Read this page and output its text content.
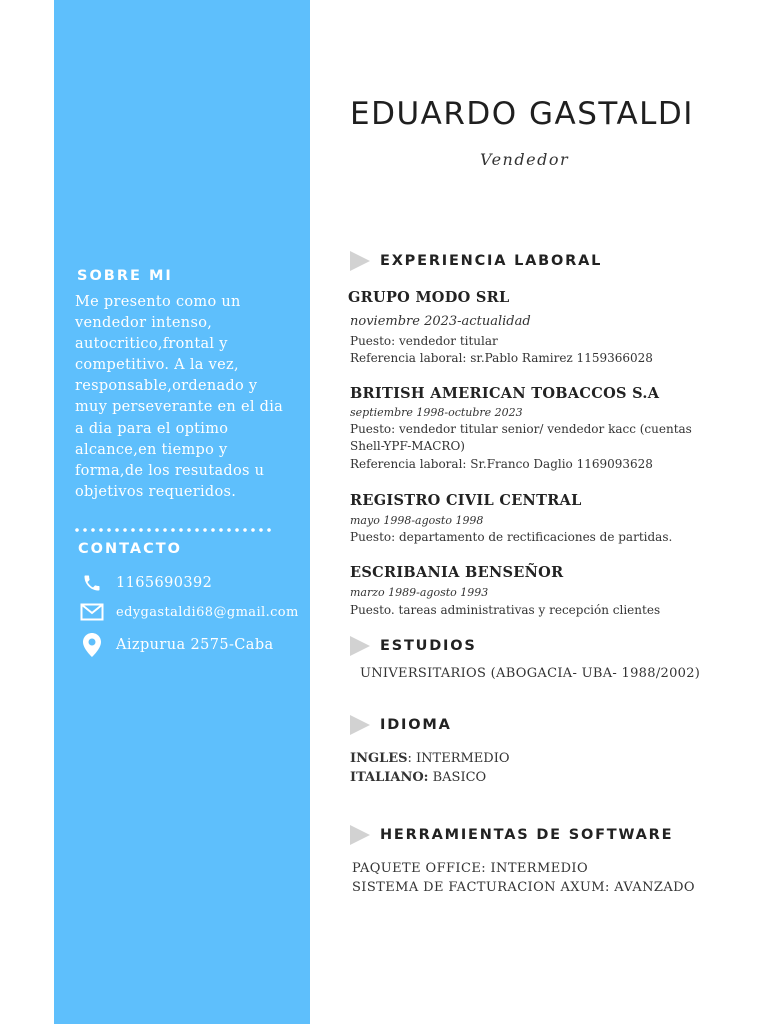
SOBRE MI
Me presento como un
vendedor intenso,
autocritico,frontal y
competitivo. A la vez,
responsable,ordenado y
muy perseverante en el dia
a dia para el optimo
alcance,en tiempo y
forma,de los resutados u
objetivos requeridos.
CONTACTO
1165690392
edygastaldi68@gmail.com
Aizpurua 2575-Caba
EDUARDO GASTALDI
Vendedor
EXPERIENCIA LABORAL
GRUPO MODO SRL
noviembre 2023-actualidad
Puesto: vendedor titular
Referencia laboral: sr.Pablo Ramirez 1159366028
BRITISH AMERICAN TOBACCOS S.A
septiembre 1998-octubre 2023
Puesto: vendedor titular senior/ vendedor kacc (cuentas
Shell-YPF-MACRO)
Referencia laboral: Sr.Franco Daglio 1169093628
REGISTRO CIVIL CENTRAL
mayo 1998-agosto 1998
Puesto: departamento de rectificaciones de partidas.
ESCRIBANIA BENSEÑOR
marzo 1989-agosto 1993
Puesto. tareas administrativas y recepción clientes
ESTUDIOS
UNIVERSITARIOS (ABOGACIA- UBA- 1988/2002)
IDIOMA
INGLES: INTERMEDIO
ITALIANO: BASICO
HERRAMIENTAS DE SOFTWARE
PAQUETE OFFICE: INTERMEDIO
SISTEMA DE FACTURACION AXUM: AVANZADO
